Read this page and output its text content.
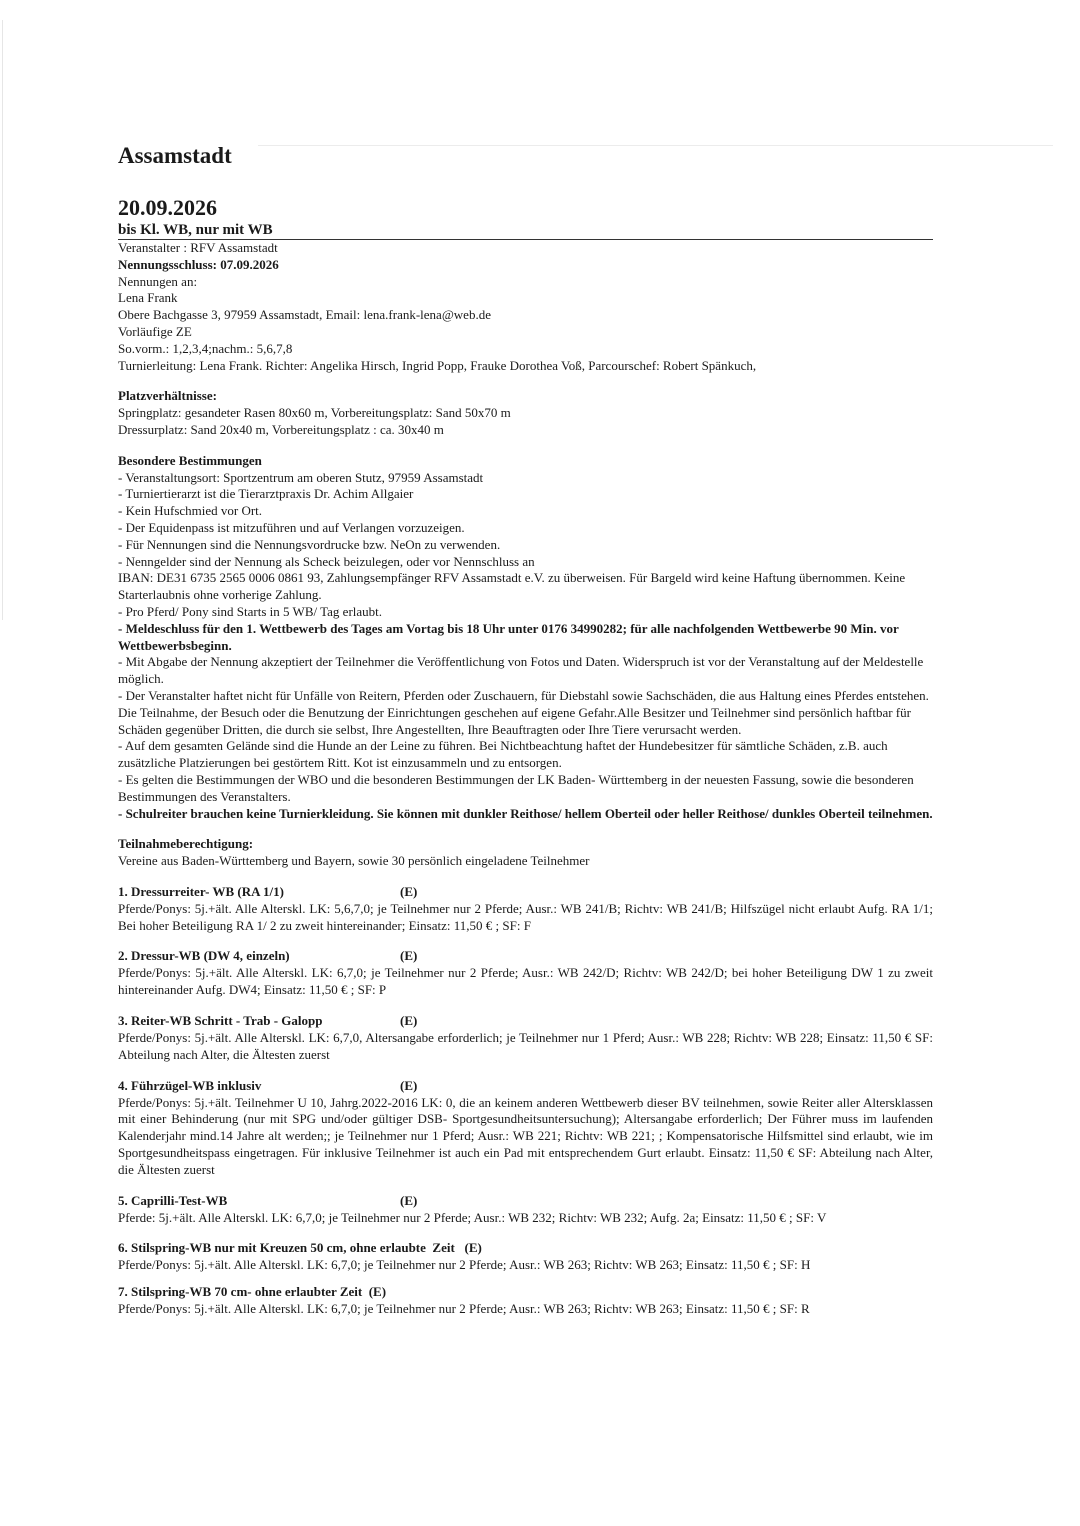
Assamstadt
20.09.2026
bis Kl. WB, nur mit WB

Veranstalter : RFV Assamstadt

Nennungsschluss: 07.09.2026

Nennungen an:

Lena Frank

Obere Bachgasse 3, 97959 Assamstadt, Email: lena.frank-lena@web.de

Vorläufige ZE

So.vorm.: 1,2,3,4;nachm.: 5,6,7,8

Turnierleitung: Lena Frank. Richter: Angelika Hirsch, Ingrid Popp, Frauke Dorothea Voß, Parcourschef: Robert Spänkuch,

Platzverhältnisse:

Springplatz: gesandeter Rasen 80x60 m, Vorbereitungsplatz: Sand 50x70 m

Dressurplatz: Sand 20x40 m, Vorbereitungsplatz : ca. 30x40 m

Besondere Bestimmungen

- Veranstaltungsort: Sportzentrum am oberen Stutz, 97959 Assamstadt

- Turniertierarzt ist die Tierarztpraxis Dr. Achim Allgaier

- Kein Hufschmied vor Ort.

- Der Equidenpass ist mitzuführen und auf Verlangen vorzuzeigen.

- Für Nennungen sind die Nennungsvordrucke bzw. NeOn zu verwenden.

- Nenngelder sind der Nennung als Scheck beizulegen, oder vor Nennschluss an

IBAN: DE31 6735 2565 0006 0861 93, Zahlungsempfänger RFV Assamstadt e.V. zu überweisen. Für Bargeld wird keine Haftung übernommen. Keine Starterlaubnis ohne vorherige Zahlung.

- Pro Pferd/ Pony sind Starts in 5 WB/ Tag erlaubt.

- Meldeschluss für den 1. Wettbewerb des Tages am Vortag bis 18 Uhr unter 0176 34990282; für alle nachfolgenden Wettbewerbe 90 Min. vor Wettbewerbsbeginn.

- Mit Abgabe der Nennung akzeptiert der Teilnehmer die Veröffentlichung von Fotos und Daten. Widerspruch ist vor der Veranstaltung auf der Meldestelle möglich.

- Der Veranstalter haftet nicht für Unfälle von Reitern, Pferden oder Zuschauern, für Diebstahl sowie Sachschäden, die aus Haltung eines Pferdes entstehen. Die Teilnahme, der Besuch oder die Benutzung der Einrichtungen geschehen auf eigene Gefahr.Alle Besitzer und Teilnehmer sind persönlich haftbar für Schäden gegenüber Dritten, die durch sie selbst, Ihre Angestellten, Ihre Beauftragten oder Ihre Tiere verursacht werden.

- Auf dem gesamten Gelände sind die Hunde an der Leine zu führen. Bei Nichtbeachtung haftet der Hundebesitzer für sämtliche Schäden, z.B. auch zusätzliche Platzierungen bei gestörtem Ritt. Kot ist einzusammeln und zu entsorgen.

- Es gelten die Bestimmungen der WBO und die besonderen Bestimmungen der LK Baden- Württemberg in der neuesten Fassung, sowie die besonderen Bestimmungen des Veranstalters.

- Schulreiter brauchen keine Turnierkleidung. Sie können mit dunkler Reithose/ hellem Oberteil oder heller Reithose/ dunkles Oberteil teilnehmen.

Teilnahmeberechtigung:

Vereine aus Baden-Württemberg und Bayern, sowie 30 persönlich eingeladene Teilnehmer

1. Dressurreiter- WB (RA 1/1)	(E)

Pferde/Ponys: 5j.+ält. Alle Alterskl. LK: 5,6,7,0; je Teilnehmer nur 2 Pferde; Ausr.: WB 241/B; Richtv: WB 241/B; Hilfszügel nicht erlaubt Aufg. RA 1/1; Bei hoher Beteiligung RA 1/ 2 zu zweit hintereinander; Einsatz: 11,50 € ; SF: F

2. Dressur-WB (DW 4, einzeln)	(E)

Pferde/Ponys: 5j.+ält. Alle Alterskl. LK: 6,7,0; je Teilnehmer nur 2 Pferde; Ausr.: WB 242/D; Richtv: WB 242/D; bei hoher Beteiligung DW 1 zu zweit hintereinander Aufg. DW4; Einsatz: 11,50 € ; SF: P

3. Reiter-WB Schritt - Trab - Galopp	(E)

Pferde/Ponys: 5j.+ält. Alle Alterskl. LK: 6,7,0, Altersangabe erforderlich; je Teilnehmer nur 1 Pferd; Ausr.: WB 228; Richtv: WB 228; Einsatz: 11,50 € SF: Abteilung nach Alter, die Ältesten zuerst

4. Führzügel-WB inklusiv	(E)

Pferde/Ponys: 5j.+ält. Teilnehmer U 10, Jahrg.2022-2016 LK: 0, die an keinem anderen Wettbewerb dieser BV teilnehmen, sowie Reiter aller Altersklassen mit einer Behinderung (nur mit SPG und/oder gültiger DSB- Sportgesundheitsuntersuchung); Altersangabe erforderlich; Der Führer muss im laufenden Kalenderjahr mind.14 Jahre alt werden;; je Teilnehmer nur 1 Pferd; Ausr.: WB 221; Richtv: WB 221; ; Kompensatorische Hilfsmittel sind erlaubt, wie im Sportgesundheitspass eingetragen. Für inklusive Teilnehmer ist auch ein Pad mit entsprechendem Gurt erlaubt. Einsatz: 11,50 € SF: Abteilung nach Alter, die Ältesten zuerst

5. Caprilli-Test-WB	(E)

Pferde: 5j.+ält. Alle Alterskl. LK: 6,7,0; je Teilnehmer nur 2 Pferde; Ausr.: WB 232; Richtv: WB 232; Aufg. 2a; Einsatz: 11,50 € ; SF: V

6. Stilspring-WB nur mit Kreuzen 50 cm, ohne erlaubte  Zeit   (E)

Pferde/Ponys: 5j.+ält. Alle Alterskl. LK: 6,7,0; je Teilnehmer nur 2 Pferde; Ausr.: WB 263; Richtv: WB 263; Einsatz: 11,50 € ; SF: H

7. Stilspring-WB 70 cm- ohne erlaubter Zeit  (E)

Pferde/Ponys: 5j.+ält. Alle Alterskl. LK: 6,7,0; je Teilnehmer nur 2 Pferde; Ausr.: WB 263; Richtv: WB 263; Einsatz: 11,50 € ; SF: R
